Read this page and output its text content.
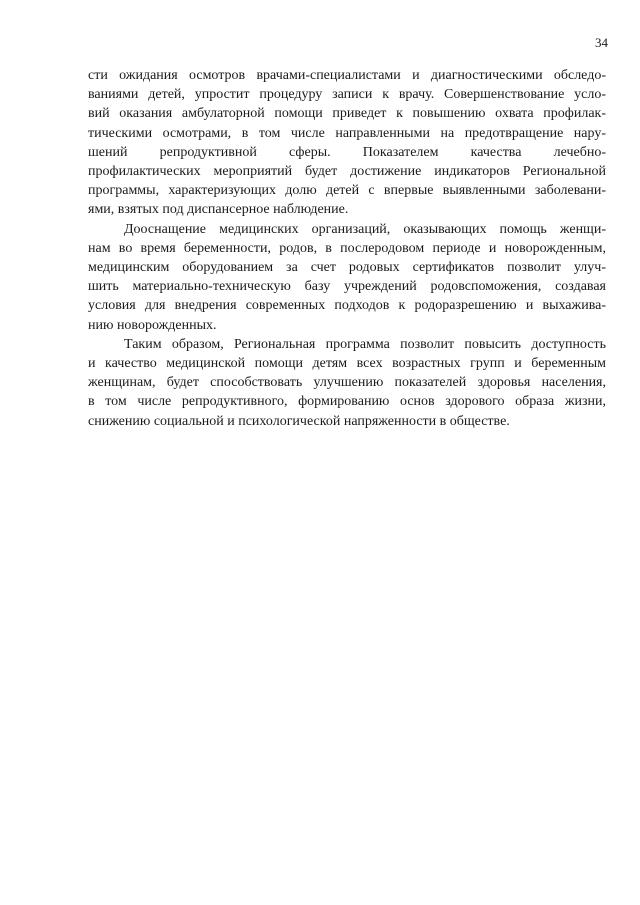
34
сти ожидания осмотров врачами-специалистами и диагностическими обследо-
ваниями детей, упростит процедуру записи к врачу. Совершенствование усло-
вий оказания амбулаторной помощи приведет к повышению охвата профилак-
тическими осмотрами, в том числе направленными на предотвращение нару-
шений репродуктивной сферы. Показателем качества лечебно-
профилактических мероприятий будет достижение индикаторов Региональной
программы, характеризующих долю детей с впервые выявленными заболевани-
ями, взятых под диспансерное наблюдение.
Дооснащение медицинских организаций, оказывающих помощь женщи-
нам во время беременности, родов, в послеродовом периоде и новорожденным,
медицинским оборудованием за счет родовых сертификатов позволит улуч-
шить материально-техническую базу учреждений родовспоможения, создавая
условия для внедрения современных подходов к родоразрешению и выхажива-
нию новорожденных.
Таким образом, Региональная программа позволит повысить доступность
и качество медицинской помощи детям всех возрастных групп и беременным
женщинам, будет способствовать улучшению показателей здоровья населения,
в том числе репродуктивного, формированию основ здорового образа жизни,
снижению социальной и психологической напряженности в обществе.
